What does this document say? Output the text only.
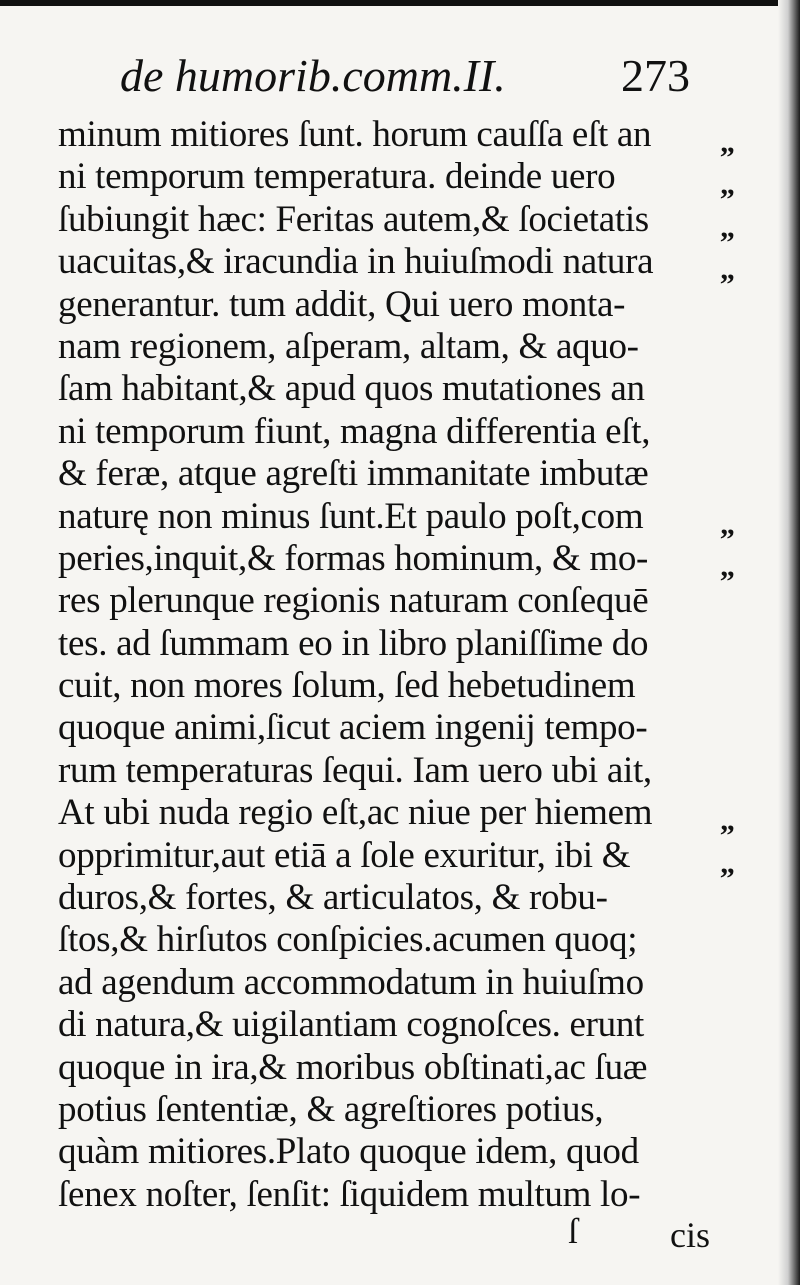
de humorib.comm.II.	273
minum mitiores ſunt. horum cauſſa eſt an
ni temporum temperatura. deinde uero
ſubiungit hæc: Feritas autem,& ſocietatis
uacuitas,& iracundia in huiuſmodi natura
generantur. tum addit, Qui uero monta-
nam regionem, aſperam, altam, & aquo-
ſam habitant,& apud quos mutationes an
ni temporum fiunt, magna differentia eſt,
& feræ, atque agreſti immanitate imbutæ
naturę non minus ſunt.Et paulo poſt,com
peries,inquit,& formas hominum, & mo-
res plerunque regionis naturam conſequē
tes. ad ſummam eo in libro planiſſime do
cuit, non mores ſolum, ſed hebetudinem
quoque animi,ſicut aciem ingenij tempo-
rum temperaturas ſequi. Iam uero ubi ait,
At ubi nuda regio eſt,ac niue per hiemem
opprimitur,aut etiā a ſole exuritur, ibi &
duros,& fortes, & articulatos, & robu-
ſtos,& hirſutos conſpicies.acumen quoq;
ad agendum accommodatum in huiuſmo
di natura,& uigilantiam cognoſces. erunt
quoque in ira,& moribus obſtinati,ac ſuæ
potius ſententiæ, & agreſtiores potius,
quàm mitiores.Plato quoque idem, quod
ſenex noſter, ſenſit: ſiquidem multum lo-
„
„
„
„
„
„
„
„
ſ	cis
